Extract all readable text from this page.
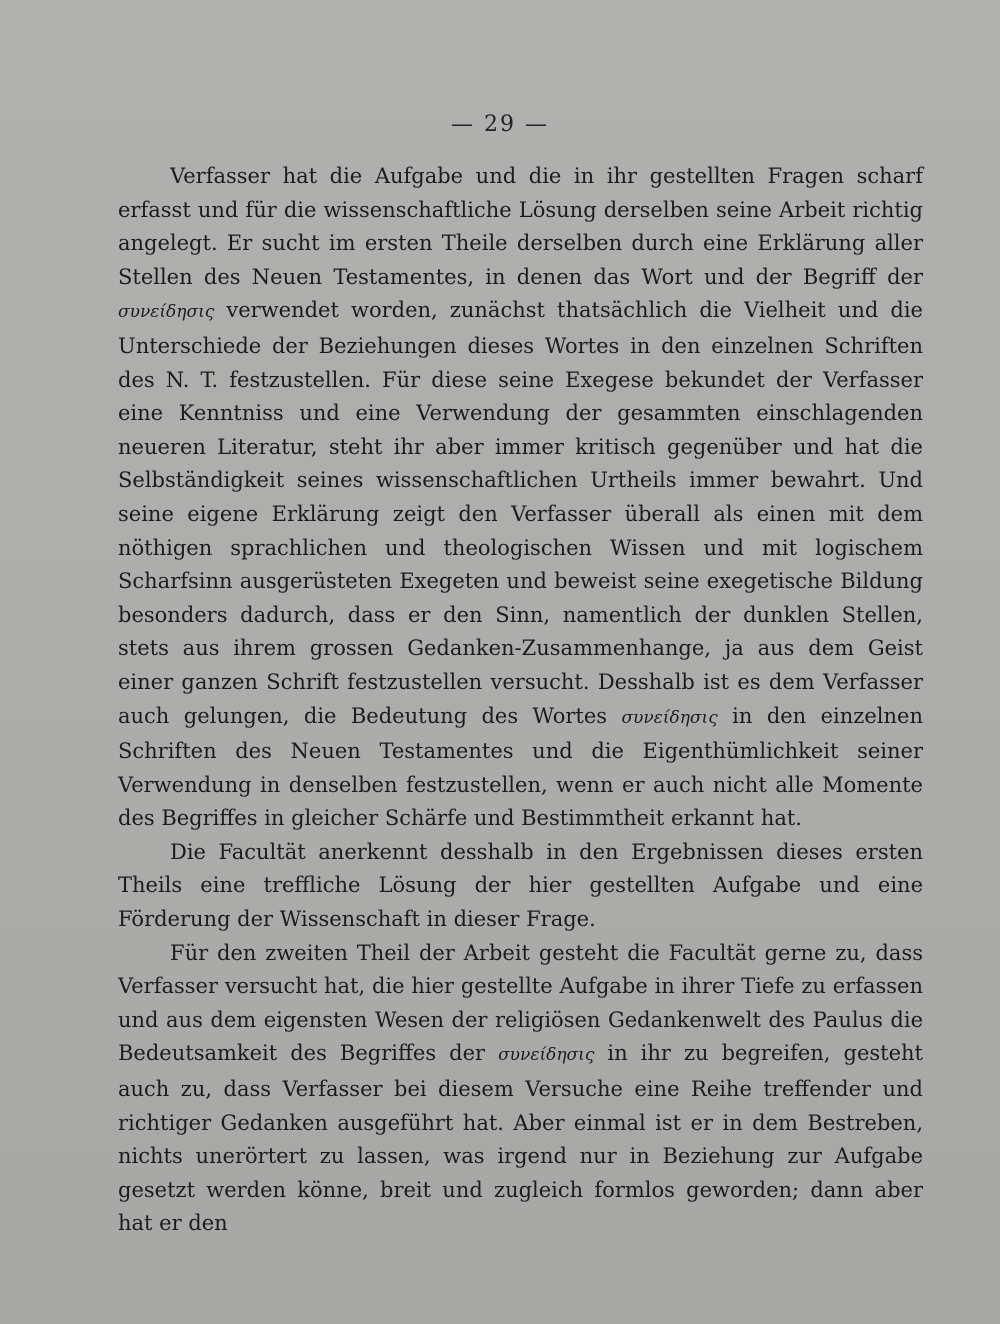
— 29 —

Verfasser hat die Aufgabe und die in ihr gestellten Fragen scharf erfasst und für die wissenschaftliche Lösung derselben seine Arbeit richtig angelegt. Er sucht im ersten Theile derselben durch eine Erklärung aller Stellen des Neuen Testamentes, in denen das Wort und der Begriff der συνείδησις verwendet worden, zunächst thatsächlich die Vielheit und die Unterschiede der Beziehungen dieses Wortes in den einzelnen Schriften des N. T. festzustellen. Für diese seine Exegese bekundet der Verfasser eine Kenntniss und eine Verwendung der gesammten einschlagenden neueren Literatur, steht ihr aber immer kritisch gegenüber und hat die Selbständigkeit seines wissenschaftlichen Urtheils immer bewahrt. Und seine eigene Erklärung zeigt den Verfasser überall als einen mit dem nöthigen sprachlichen und theologischen Wissen und mit logischem Scharfsinn ausgerüsteten Exegeten und beweist seine exegetische Bildung besonders dadurch, dass er den Sinn, namentlich der dunklen Stellen, stets aus ihrem grossen Gedanken-Zusammenhange, ja aus dem Geist einer ganzen Schrift festzustellen versucht. Desshalb ist es dem Verfasser auch gelungen, die Bedeutung des Wortes συνείδησις in den einzelnen Schriften des Neuen Testamentes und die Eigenthümlichkeit seiner Verwendung in denselben festzustellen, wenn er auch nicht alle Momente des Begriffes in gleicher Schärfe und Bestimmtheit erkannt hat.

Die Facultät anerkennt desshalb in den Ergebnissen dieses ersten Theils eine treffliche Lösung der hier gestellten Aufgabe und eine Förderung der Wissenschaft in dieser Frage.

Für den zweiten Theil der Arbeit gesteht die Facultät gerne zu, dass Verfasser versucht hat, die hier gestellte Aufgabe in ihrer Tiefe zu erfassen und aus dem eigensten Wesen der religiösen Gedankenwelt des Paulus die Bedeutsamkeit des Begriffes der συνείδησις in ihr zu begreifen, gesteht auch zu, dass Verfasser bei diesem Versuche eine Reihe treffender und richtiger Gedanken ausgeführt hat. Aber einmal ist er in dem Bestreben, nichts unerörtert zu lassen, was irgend nur in Beziehung zur Aufgabe gesetzt werden könne, breit und zugleich formlos geworden; dann aber hat er den
